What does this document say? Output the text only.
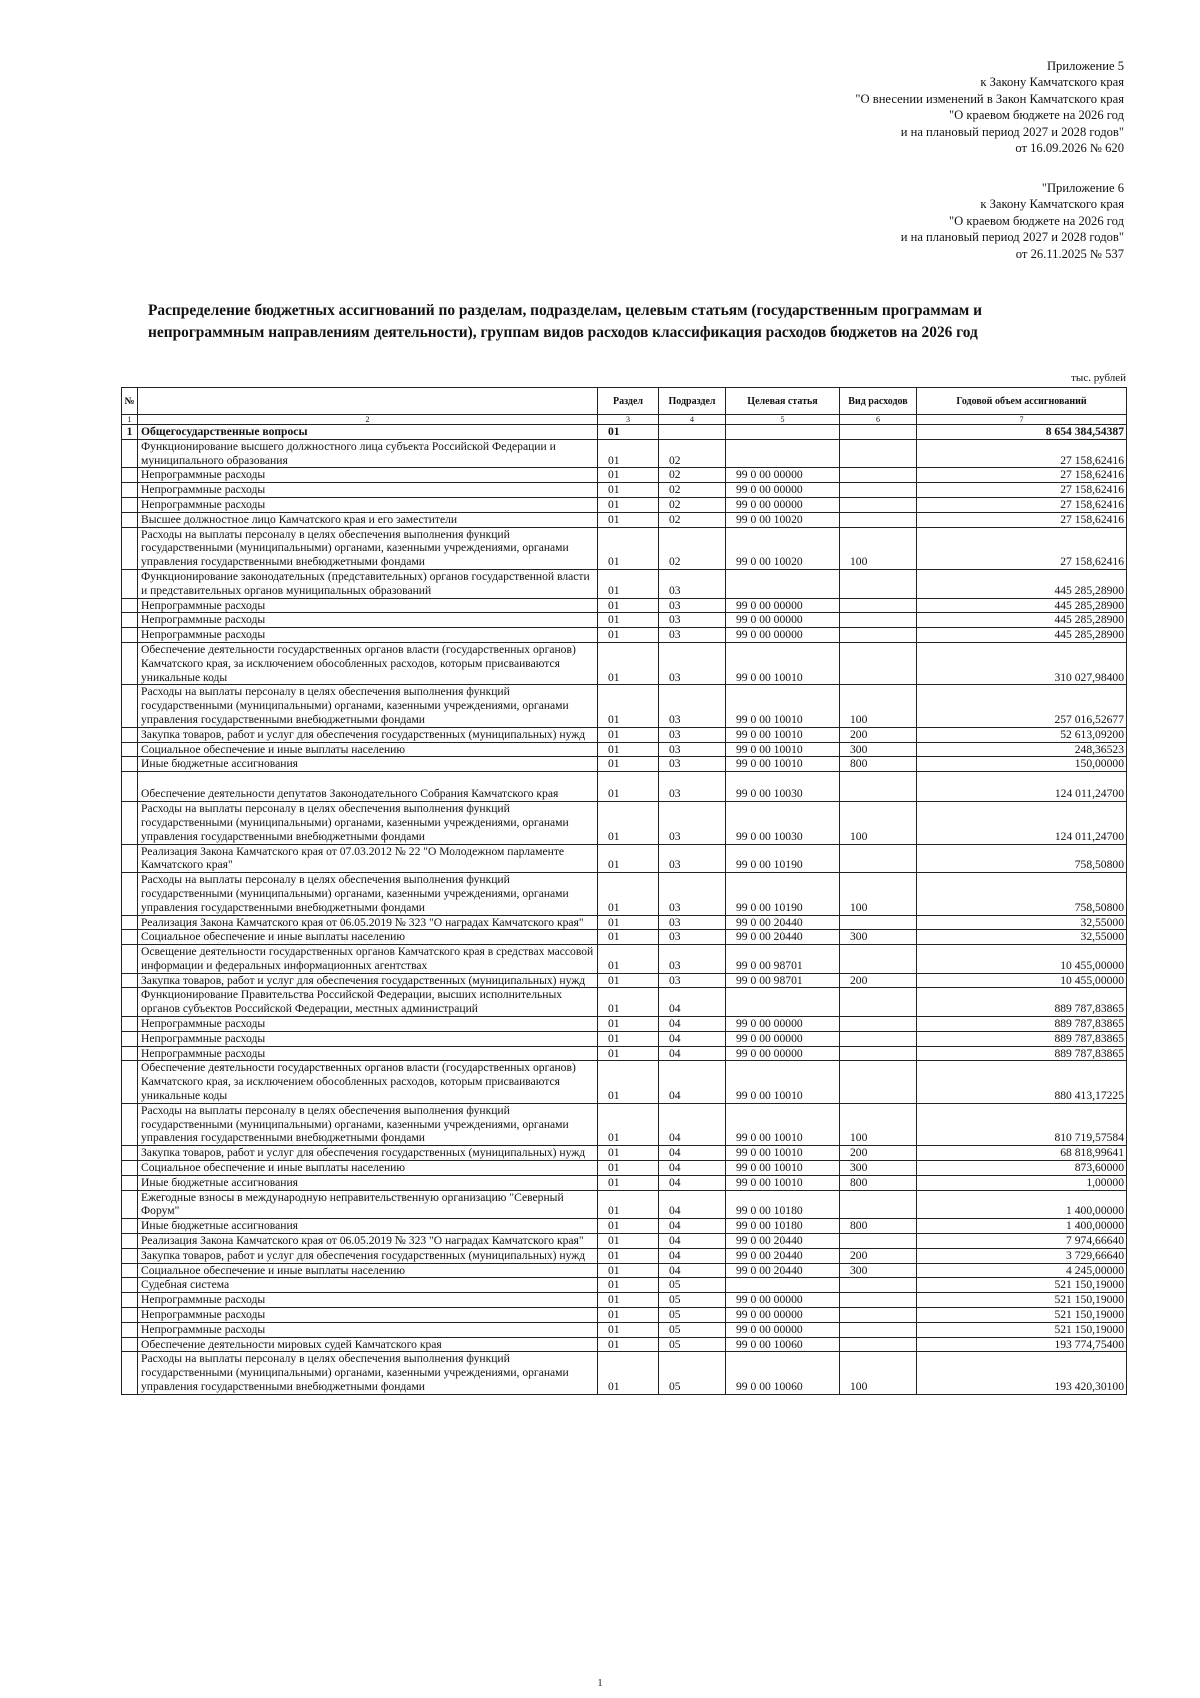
Приложение 5
к Закону Камчатского края
"О внесении изменений в Закон Камчатского края
"О краевом бюджете на 2026 год
и на плановый период 2027 и 2028 годов"
от 16.09.2026 № 620
"Приложение 6
к Закону Камчатского края
"О краевом бюджете на 2026 год
и на плановый период 2027 и 2028 годов"
от 26.11.2025 № 537
Распределение бюджетных ассигнований по разделам, подразделам, целевым статьям (государственным программам и непрограммным направлениям деятельности), группам видов расходов классификация расходов бюджетов на 2026 год
тыс. рублей
№		Раздел	Подраздел	Целевая статья	Вид расходов	Годовой объем ассигнований
1	2	3	4	5	6	7
1	Общегосударственные вопросы	01				8 654 384,54387
	Функционирование высшего должностного лица субъекта Российской Федерации и муниципального образования	01	02			27 158,62416
	Непрограммные расходы	01	02	99 0 00 00000		27 158,62416
	Непрограммные расходы	01	02	99 0 00 00000		27 158,62416
	Непрограммные расходы	01	02	99 0 00 00000		27 158,62416
	Высшее должностное лицо Камчатского края и его заместители	01	02	99 0 00 10020		27 158,62416
	Расходы на выплаты персоналу в целях обеспечения выполнения функций государственными (муниципальными) органами, казенными учреждениями, органами управления государственными внебюджетными фондами	01	02	99 0 00 10020	100	27 158,62416
	Функционирование законодательных (представительных) органов государственной власти и представительных органов муниципальных образований	01	03			445 285,28900
	Непрограммные расходы	01	03	99 0 00 00000		445 285,28900
	Непрограммные расходы	01	03	99 0 00 00000		445 285,28900
	Непрограммные расходы	01	03	99 0 00 00000		445 285,28900
	Обеспечение деятельности государственных органов власти (государственных органов) Камчатского края, за исключением обособленных расходов, которым присваиваются уникальные коды	01	03	99 0 00 10010		310 027,98400
	Расходы на выплаты персоналу в целях обеспечения выполнения функций государственными (муниципальными) органами, казенными учреждениями, органами управления государственными внебюджетными фондами	01	03	99 0 00 10010	100	257 016,52677
	Закупка товаров, работ и услуг для обеспечения государственных (муниципальных) нужд	01	03	99 0 00 10010	200	52 613,09200
	Социальное обеспечение и иные выплаты населению	01	03	99 0 00 10010	300	248,36523
	Иные бюджетные ассигнования	01	03	99 0 00 10010	800	150,00000
	Обеспечение деятельности депутатов Законодательного Собрания Камчатского края	01	03	99 0 00 10030		124 011,24700
	Расходы на выплаты персоналу в целях обеспечения выполнения функций государственными (муниципальными) органами, казенными учреждениями, органами управления государственными внебюджетными фондами	01	03	99 0 00 10030	100	124 011,24700
	Реализация Закона Камчатского края от 07.03.2012 № 22 "О Молодежном парламенте Камчатского края"	01	03	99 0 00 10190		758,50800
	Расходы на выплаты персоналу в целях обеспечения выполнения функций государственными (муниципальными) органами, казенными учреждениями, органами управления государственными внебюджетными фондами	01	03	99 0 00 10190	100	758,50800
	Реализация Закона Камчатского края от 06.05.2019 № 323 "О наградах Камчатского края"	01	03	99 0 00 20440		32,55000
	Социальное обеспечение и иные выплаты населению	01	03	99 0 00 20440	300	32,55000
	Освещение деятельности государственных органов Камчатского края в средствах массовой информации и федеральных информационных агентствах	01	03	99 0 00 98701		10 455,00000
	Закупка товаров, работ и услуг для обеспечения государственных (муниципальных) нужд	01	03	99 0 00 98701	200	10 455,00000
	Функционирование Правительства Российской Федерации, высших исполнительных органов субъектов Российской Федерации, местных администраций	01	04			889 787,83865
	Непрограммные расходы	01	04	99 0 00 00000		889 787,83865
	Непрограммные расходы	01	04	99 0 00 00000		889 787,83865
	Непрограммные расходы	01	04	99 0 00 00000		889 787,83865
	Обеспечение деятельности государственных органов власти (государственных органов) Камчатского края, за исключением обособленных расходов, которым присваиваются уникальные коды	01	04	99 0 00 10010		880 413,17225
	Расходы на выплаты персоналу в целях обеспечения выполнения функций государственными (муниципальными) органами, казенными учреждениями, органами управления государственными внебюджетными фондами	01	04	99 0 00 10010	100	810 719,57584
	Закупка товаров, работ и услуг для обеспечения государственных (муниципальных) нужд	01	04	99 0 00 10010	200	68 818,99641
	Социальное обеспечение и иные выплаты населению	01	04	99 0 00 10010	300	873,60000
	Иные бюджетные ассигнования	01	04	99 0 00 10010	800	1,00000
	Ежегодные взносы в международную неправительственную организацию "Северный Форум"	01	04	99 0 00 10180		1 400,00000
	Иные бюджетные ассигнования	01	04	99 0 00 10180	800	1 400,00000
	Реализация Закона Камчатского края от 06.05.2019 № 323 "О наградах Камчатского края"	01	04	99 0 00 20440		7 974,66640
	Закупка товаров, работ и услуг для обеспечения государственных (муниципальных) нужд	01	04	99 0 00 20440	200	3 729,66640
	Социальное обеспечение и иные выплаты населению	01	04	99 0 00 20440	300	4 245,00000
	Судебная система	01	05			521 150,19000
	Непрограммные расходы	01	05	99 0 00 00000		521 150,19000
	Непрограммные расходы	01	05	99 0 00 00000		521 150,19000
	Непрограммные расходы	01	05	99 0 00 00000		521 150,19000
	Обеспечение деятельности мировых судей Камчатского края	01	05	99 0 00 10060		193 774,75400
	Расходы на выплаты персоналу в целях обеспечения выполнения функций государственными (муниципальными) органами, казенными учреждениями, органами управления государственными внебюджетными фондами	01	05	99 0 00 10060	100	193 420,30100
1
